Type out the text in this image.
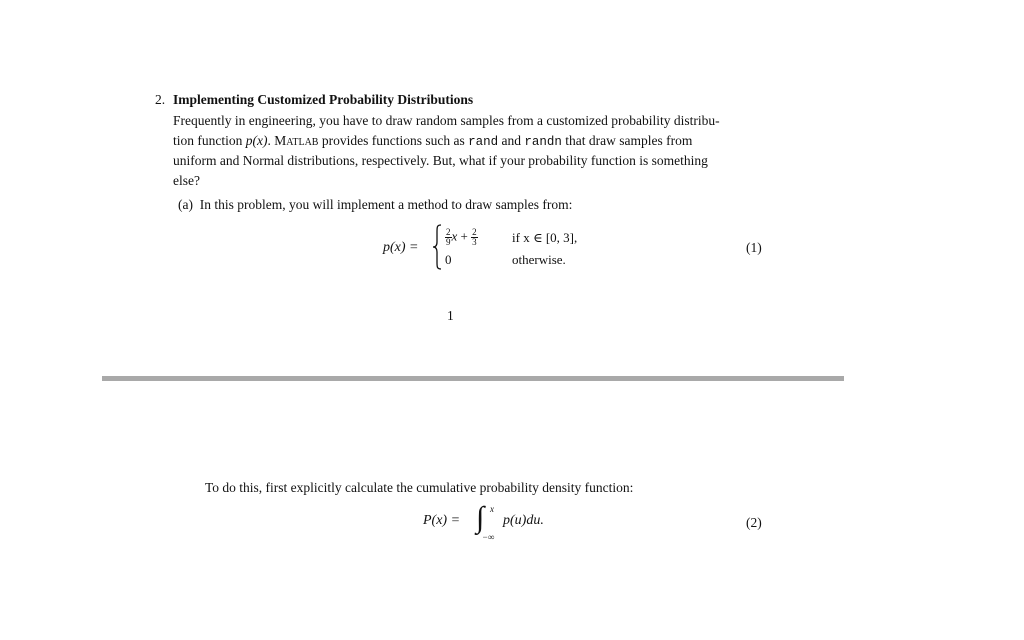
2. Implementing Customized Probability Distributions
Frequently in engineering, you have to draw random samples from a customized probability distribu-
tion function p(x). MATLAB provides functions such as rand and randn that draw samples from
uniform and Normal distributions, respectively. But, what if your probability function is something
else?
(a) In this problem, you will implement a method to draw samples from:
p(x) =
$\frac{2}{9}$ $x + \frac{2}{3}$	if x ∈ [0, 3],
0	otherwise.
(1)
1
To do this, first explicitly calculate the cumulative probability density function:
P(x) = ∫ x
−∞
p(u)du.	(2)
